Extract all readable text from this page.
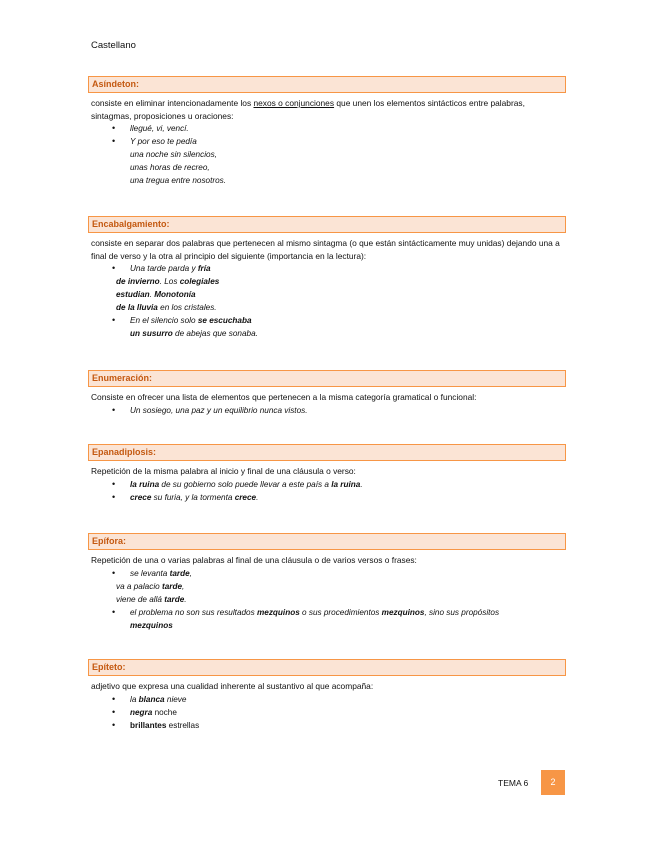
Castellano
Asíndeton:
consiste en eliminar intencionadamente los nexos o conjunciones que unen los elementos sintácticos entre palabras, sintagmas, proposiciones u oraciones:
• llegué, vi, vencí.
• Y por eso te pedía
una noche sin silencios,
unas horas de recreo,
una tregua entre nosotros.
Encabalgamiento:
consiste en separar dos palabras que pertenecen al mismo sintagma (o que están sintácticamente muy unidas) dejando una a final de verso y la otra al principio del siguiente (importancia en la lectura):
• Una tarde parda y fría
de invierno. Los colegiales
estudian. Monotonía
de la lluvia en los cristales.
• En el silencio solo se escuchaba
un susurro de abejas que sonaba.
Enumeración:
Consiste en ofrecer una lista de elementos que pertenecen a la misma categoría gramatical o funcional:
• Un sosiego, una paz y un equilibrio nunca vistos.
Epanadiplosis:
Repetición de la misma palabra al inicio y final de una cláusula o verso:
• la ruina de su gobierno solo puede llevar a este país a la ruina.
• crece su furia, y la tormenta crece.
Epífora:
Repetición de una o varias palabras al final de una cláusula o de varios versos o frases:
• se levanta tarde,
va a palacio tarde,
viene de allá tarde.
• el problema no son sus resultados mezquinos o sus procedimientos mezquinos, sino sus propósitos
mezquinos
Epíteto:
adjetivo que expresa una cualidad inherente al sustantivo al que acompaña:
• la blanca nieve
• negra noche
• brillantes estrellas
TEMA 6	2
